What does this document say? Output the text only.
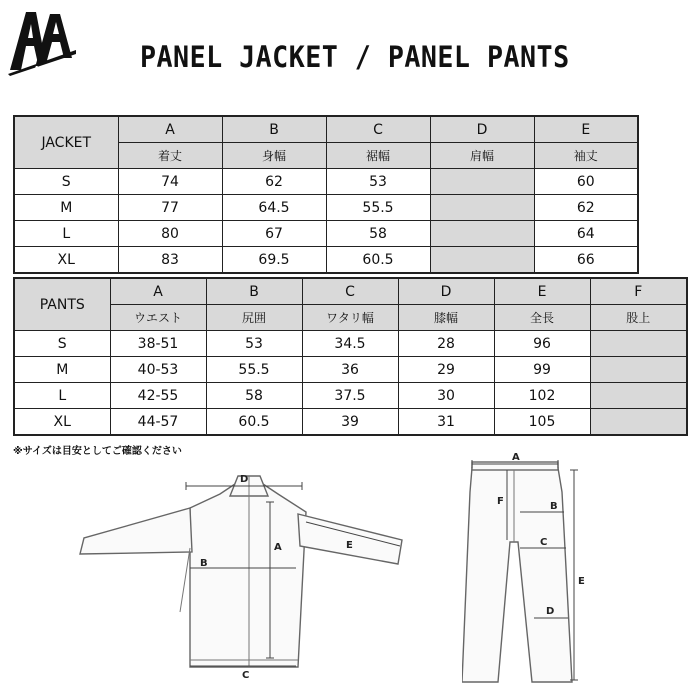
AA	PANEL JACKET / PANEL PANTS
JACKET	A	B	C	D	E
	着丈	身幅	裾幅	肩幅	袖丈
S	74	62	53		60
M	77	64.5	55.5		62
L	80	67	58		64
XL	83	69.5	60.5		66
PANTS	A	B	C	D	E	F
	ウエスト	尻囲	ワタリ幅	膝幅	全長	股上
S	38-51	53	34.5	28	96	
M	40-53	55.5	36	29	99	
L	42-55	58	37.5	30	102	
XL	44-57	60.5	39	31	105	
※サイズは目安としてご確認ください
D
A
B
C
E
A
F	B
C
D
E
